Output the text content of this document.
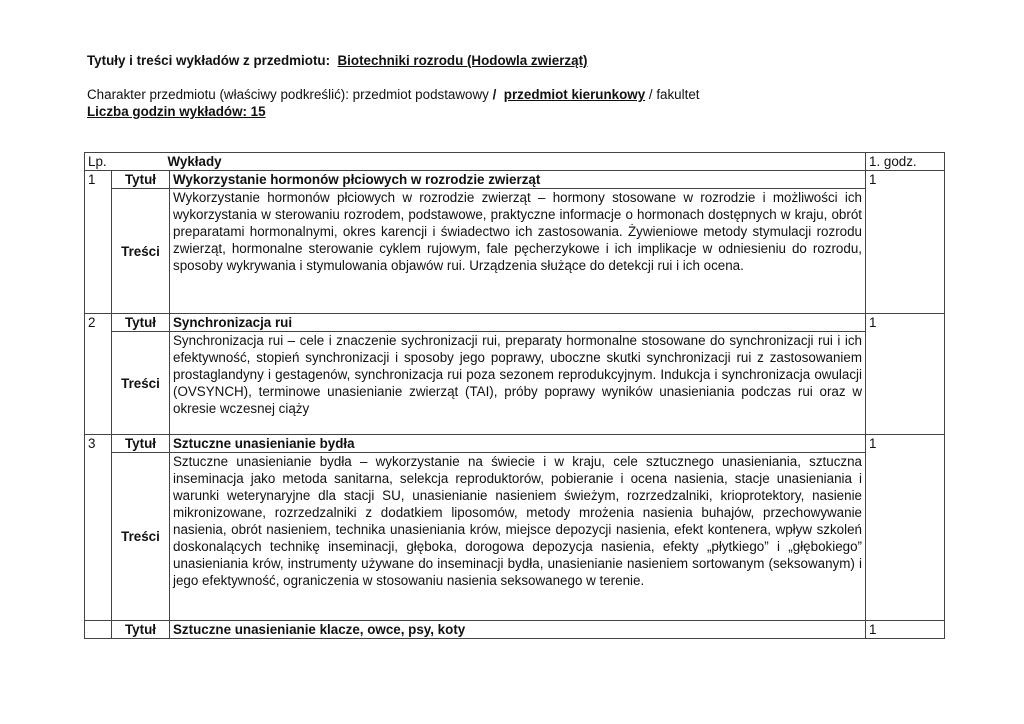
Tytuły i treści wykładów z przedmiotu: Biotechniki rozrodu (Hodowla zwierząt)
Charakter przedmiotu (właściwy podkreślić): przedmiot podstawowy / przedmiot kierunkowy / fakultet
Liczba godzin wykładów: 15
Lp.	Wykłady		1. godz.
1	Tytuł	Wykorzystanie hormonów płciowych w rozrodzie zwierząt	1
	Treści	Wykorzystanie hormonów płciowych w rozrodzie zwierząt – hormony stosowane w rozrodzie i możliwości ich wykorzystania w sterowaniu rozrodem, podstawowe, praktyczne informacje o hormonach dostępnych w kraju, obrót preparatami hormonalnymi, okres karencji i świadectwo ich zastosowania. Żywieniowe metody stymulacji rozrodu zwierząt, hormonalne sterowanie cyklem rujowym, fale pęcherzykowe i ich implikacje w odniesieniu do rozrodu, sposoby wykrywania i stymulowania objawów rui. Urządzenia służące do detekcji rui i ich ocena.	
2	Tytuł	Synchronizacja rui	1
	Treści	Synchronizacja rui – cele i znaczenie sychronizacji rui, preparaty hormonalne stosowane do synchronizacji rui i ich efektywność, stopień synchronizacji i sposoby jego poprawy, uboczne skutki synchronizacji rui z zastosowaniem prostaglandyny i gestagenów, synchronizacja rui poza sezonem reprodukcyjnym. Indukcja i synchronizacja owulacji (OVSYNCH), terminowe unasienianie zwierząt (TAI), próby poprawy wyników unasieniania podczas rui oraz w okresie wczesnej ciąży	
3	Tytuł	Sztuczne unasienianie bydła	1
	Treści	Sztuczne unasienianie bydła – wykorzystanie na świecie i w kraju, cele sztucznego unasieniania, sztuczna inseminacja jako metoda sanitarna, selekcja reproduktorów, pobieranie i ocena nasienia, stacje unasieniania i warunki weterynaryjne dla stacji SU, unasienianie nasieniem świeżym, rozrzedzalniki, krioprotektory, nasienie mikronizowane, rozrzedzalniki z dodatkiem liposomów, metody mrożenia nasienia buhajów, przechowywanie nasienia, obrót nasieniem, technika unasieniania krów, miejsce depozycji nasienia, efekt kontenera, wpływ szkoleń doskonalących technikę inseminacji, głęboka, dorogowa depozycja nasienia, efekty „płytkiego” i „głębokiego” unasieniania krów, instrumenty używane do inseminacji bydła, unasienianie nasieniem sortowanym (seksowanym) i jego efektywność, ograniczenia w stosowaniu nasienia seksowanego w terenie.	
	Tytuł	Sztuczne unasienianie klacze, owce, psy, koty	1
